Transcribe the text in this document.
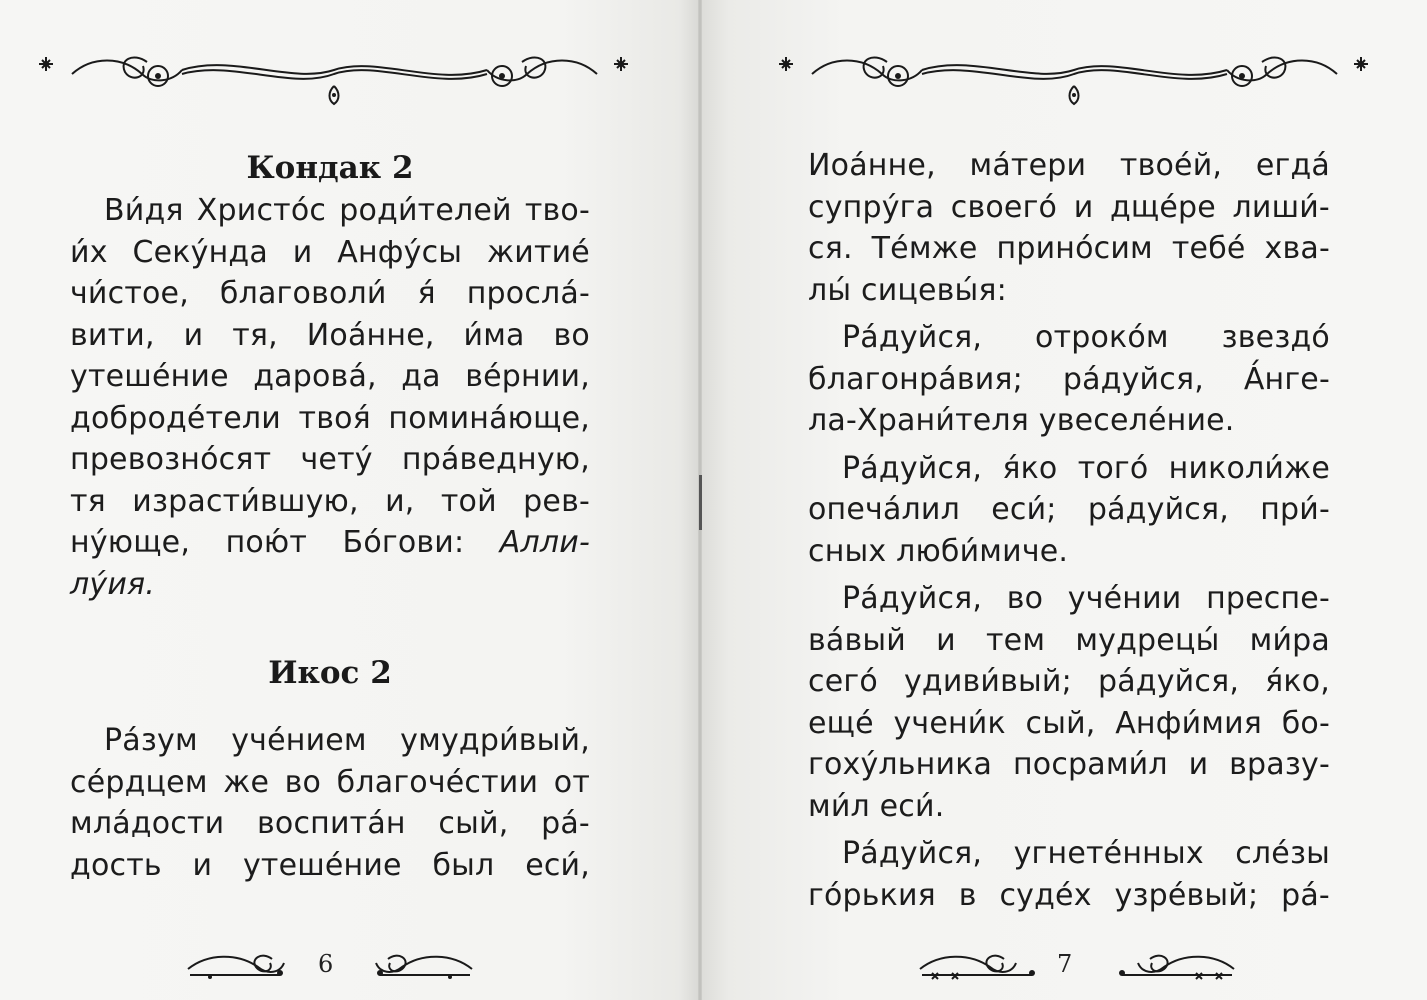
Кондак 2
Ви́дя Христо́с роди́телей тво-
и́х Секу́нда и Анфу́сы житие́
чи́стое, благоволи́ я́ просла́-
вити, и тя, Иоа́нне, и́ма во
утеше́ние дарова́, да ве́рнии,
доброде́тели твоя́ помина́юще,
превозно́сят чету́ пра́ведную,
тя израсти́вшую, и, той рев-
ну́юще, пою́т Бо́гови: Алли-
лу́ия.
Икос 2
Ра́зум уче́нием умудри́вый,
се́рдцем же во благоче́стии от
мла́дости воспита́н сый, ра́-
дость и утеше́ние был еси́,
6
Иоа́нне, ма́тери твое́й, егда́
супру́га своего́ и дще́ре лиши́-
ся. Те́мже прино́сим тебе́ хва-
лы́ сицевы́я:
Ра́дуйся, отроко́м звездо́
благонра́вия; ра́дуйся, А́нге-
ла-Храни́теля увеселе́ние.
Ра́дуйся, я́ко того́ николи́же
опеча́лил еси́; ра́дуйся, при́-
сных люби́миче.
Ра́дуйся, во уче́нии преспе-
ва́вый и тем мудрецы́ ми́ра
сего́ удиви́вый; ра́дуйся, я́ко,
еще́ учени́к сый, Анфи́мия бо-
гоху́льника посрами́л и вразу-
ми́л еси́.
Ра́дуйся, угнете́нных сле́зы
го́рькия в суде́х узре́вый; ра́-
7
